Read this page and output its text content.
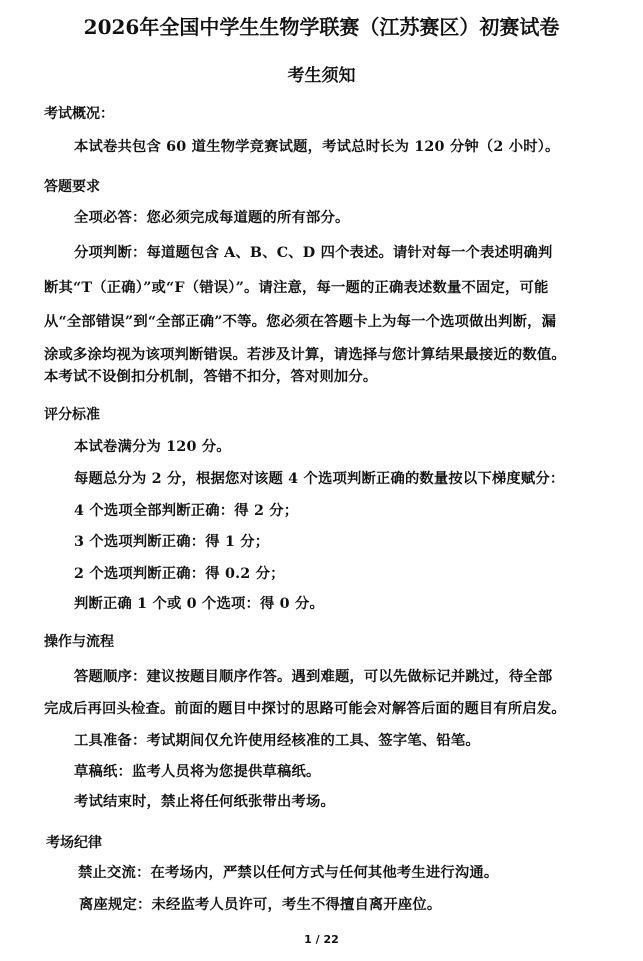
2026年全国中学生生物学联赛（江苏赛区）初赛试卷
考生须知
考试概况：
本试卷共包含 60 道生物学竞赛试题，考试总时长为 120 分钟（2 小时）。
答题要求
全项必答：您必须完成每道题的所有部分。
分项判断：每道题包含 A、B、C、D 四个表述。请针对每一个表述明确判
断其“T（正确）”或“F（错误）”。请注意，每一题的正确表述数量不固定，可能
从“全部错误”到“全部正确”不等。您必须在答题卡上为每一个选项做出判断，漏
涂或多涂均视为该项判断错误。若涉及计算，请选择与您计算结果最接近的数值。
本考试不设倒扣分机制，答错不扣分，答对则加分。
评分标准
本试卷满分为 120 分。
每题总分为 2 分，根据您对该题 4 个选项判断正确的数量按以下梯度赋分：
4 个选项全部判断正确：得 2 分；
3 个选项判断正确：得 1 分；
2 个选项判断正确：得 0.2 分；
判断正确 1 个或 0 个选项：得 0 分。
操作与流程
答题顺序：建议按题目顺序作答。遇到难题，可以先做标记并跳过，待全部
完成后再回头检查。前面的题目中探讨的思路可能会对解答后面的题目有所启发。
工具准备：考试期间仅允许使用经核准的工具、签字笔、铅笔。
草稿纸：监考人员将为您提供草稿纸。
考试结束时，禁止将任何纸张带出考场。
考场纪律
禁止交流：在考场内，严禁以任何方式与任何其他考生进行沟通。
离座规定：未经监考人员许可，考生不得擅自离开座位。
1 / 22
